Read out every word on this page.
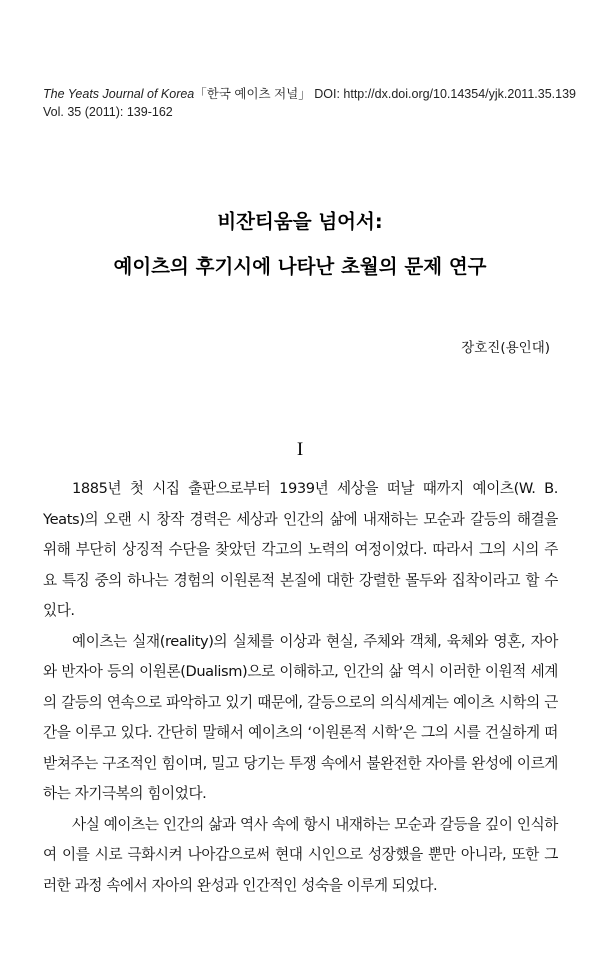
The Yeats Journal of Korea「한국 예이츠 저널」 DOI: http://dx.doi.org/10.14354/yjk.2011.35.139
Vol. 35 (2011): 139-162
비잔티움을 넘어서:
예이츠의 후기시에 나타난 초월의 문제 연구
장호진(용인대)
I

1885년 첫 시집 출판으로부터 1939년 세상을 떠날 때까지 예이츠(W. B. Yeats)의 오랜 시 창작 경력은 세상과 인간의 삶에 내재하는 모순과 갈등의 해결을 위해 부단히 상징적 수단을 찾았던 각고의 노력의 여정이었다. 따라서 그의 시의 주요 특징 중의 하나는 경험의 이원론적 본질에 대한 강렬한 몰두와 집착이라고 할 수 있다.

예이츠는 실재(reality)의 실체를 이상과 현실, 주체와 객체, 육체와 영혼, 자아와 반자아 등의 이원론(Dualism)으로 이해하고, 인간의 삶 역시 이러한 이원적 세계의 갈등의 연속으로 파악하고 있기 때문에, 갈등으로의 의식세계는 예이츠 시학의 근간을 이루고 있다. 간단히 말해서 예이츠의 ‘이원론적 시학’은 그의 시를 건실하게 떠받쳐주는 구조적인 힘이며, 밀고 당기는 투쟁 속에서 불완전한 자아를 완성에 이르게 하는 자기극복의 힘이었다.

사실 예이츠는 인간의 삶과 역사 속에 항시 내재하는 모순과 갈등을 깊이 인식하여 이를 시로 극화시켜 나아감으로써 현대 시인으로 성장했을 뿐만 아니라, 또한 그러한 과정 속에서 자아의 완성과 인간적인 성숙을 이루게 되었다.
